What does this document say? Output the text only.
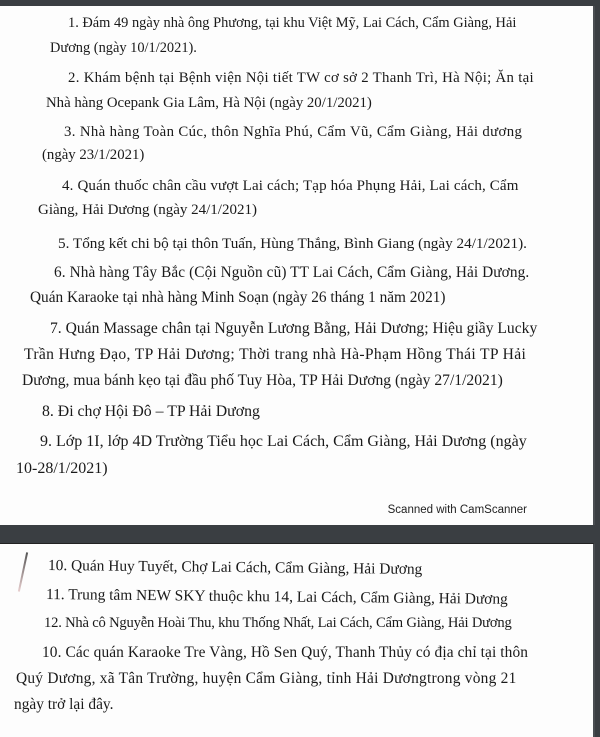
1. Đám 49 ngày nhà ông Phương, tại khu Việt Mỹ, Lai Cách, Cẩm Giàng, Hải
Dương (ngày 10/1/2021).
2. Khám bệnh tại Bệnh viện Nội tiết TW cơ sở 2 Thanh Trì, Hà Nội; Ăn tại
Nhà hàng Ocepank Gia Lâm, Hà Nội (ngày 20/1/2021)
3. Nhà hàng Toàn Cúc, thôn Nghĩa Phú, Cẩm Vũ, Cẩm Giàng, Hải dương
(ngày 23/1/2021)
4. Quán thuốc chân cầu vượt Lai cách; Tạp hóa Phụng Hải, Lai cách, Cẩm
Giàng, Hải Dương (ngày 24/1/2021)
5. Tổng kết chi bộ tại thôn Tuấn, Hùng Thắng, Bình Giang (ngày 24/1/2021).
6. Nhà hàng Tây Bắc (Cội Nguồn cũ) TT Lai Cách, Cẩm Giàng, Hải Dương.
Quán Karaoke tại nhà hàng Minh Soạn (ngày 26 tháng 1 năm 2021)
7. Quán Massage chân tại Nguyễn Lương Bằng, Hải Dương; Hiệu giầy Lucky
Trần Hưng Đạo, TP Hải Dương; Thời trang nhà Hà-Phạm Hồng Thái TP Hải
Dương, mua bánh kẹo tại đầu phố Tuy Hòa, TP Hải Dương (ngày 27/1/2021)
8. Đi chợ Hội Đô – TP Hải Dương
9. Lớp 1I, lớp 4D Trường Tiểu học Lai Cách, Cẩm Giàng, Hải Dương (ngày
10-28/1/2021)
Scanned with CamScanner
10. Quán Huy Tuyết, Chợ Lai Cách, Cẩm Giàng, Hải Dương
11. Trung tâm NEW SKY thuộc khu 14, Lai Cách, Cẩm Giàng, Hải Dương
12. Nhà cô Nguyễn Hoài Thu, khu Thống Nhất, Lai Cách, Cẩm Giàng, Hải Dương
10. Các quán Karaoke Tre Vàng, Hồ Sen Quý, Thanh Thủy có địa chỉ tại thôn
Quý Dương, xã Tân Trường, huyện Cẩm Giàng, tỉnh Hải Dươngtrong vòng 21
ngày trở lại đây.
